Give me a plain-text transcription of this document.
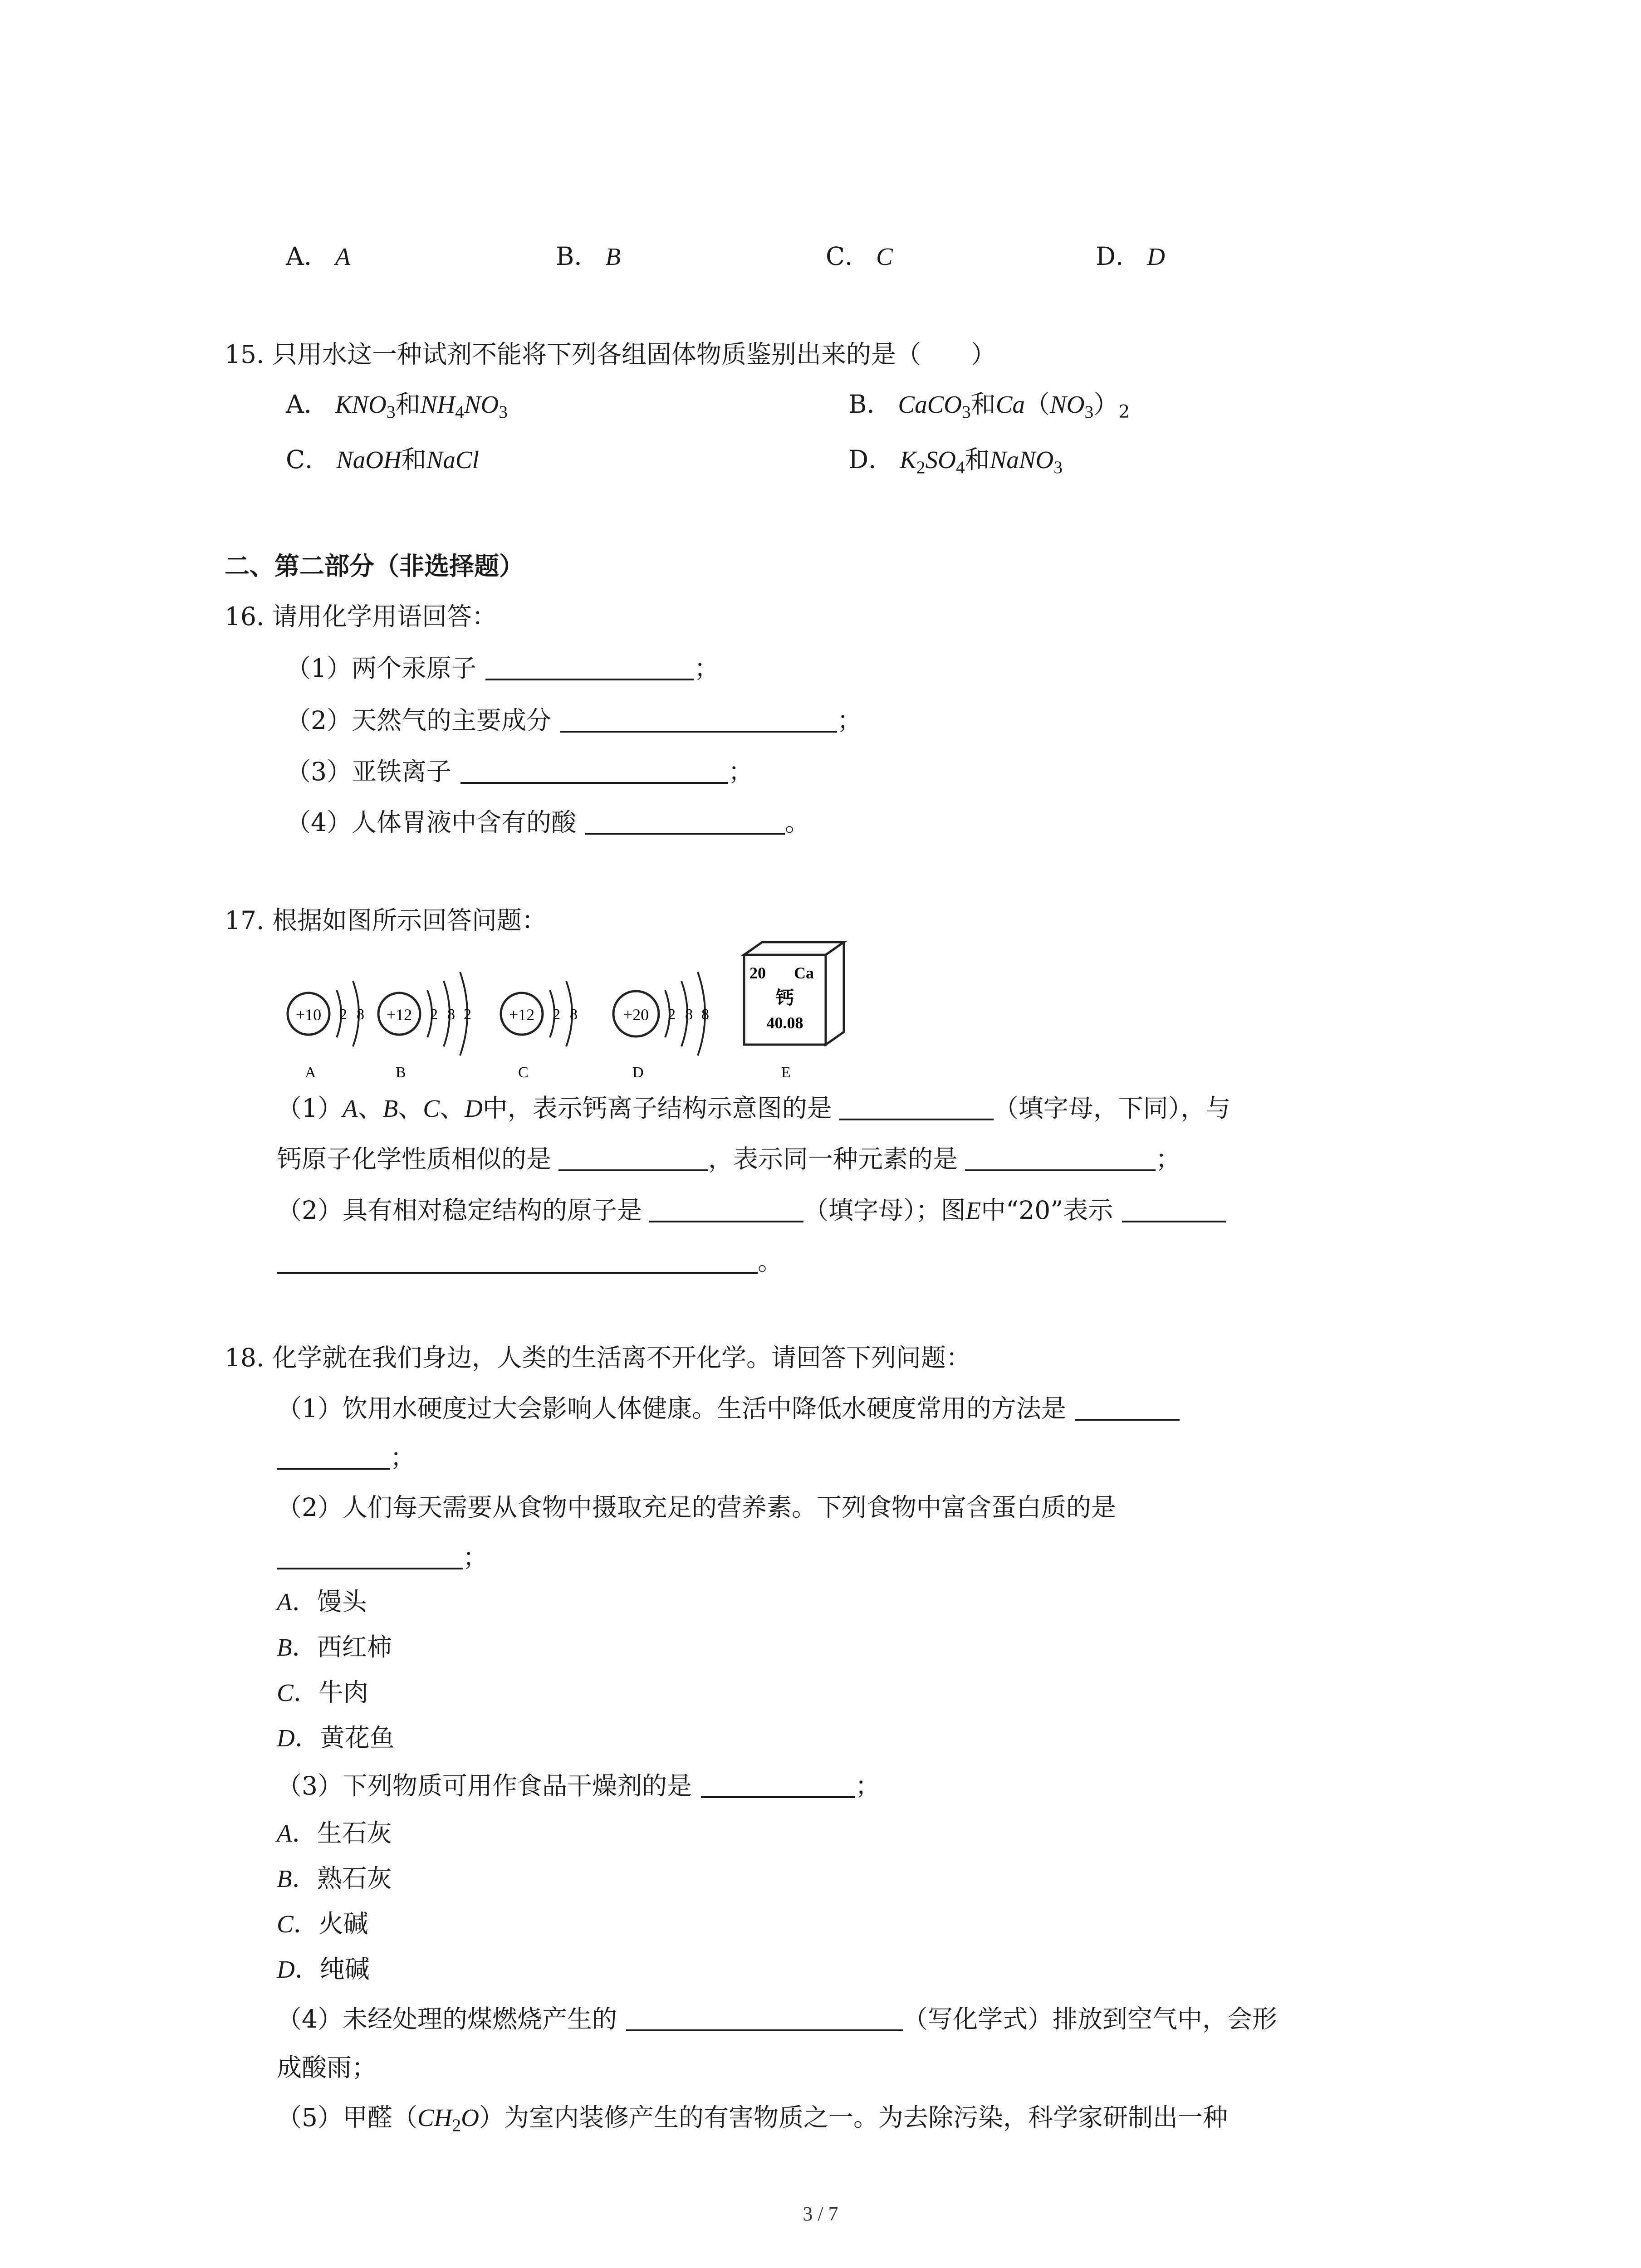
A． A	B． B	C． C	D． D
15. 只用水这一种试剂不能将下列各组固体物质鉴别出来的是（　　）
A． $KNO_3$和$NH_4NO_3$	B． CaCO$_3$和$Ca(NO_3)_2$
C． NaOH和NaCl	D． $K_2SO_4$和NaNO$_3$
二、第二部分（非选择题）
16. 请用化学用语回答：
（1）两个汞原子	；
（2）天然气的主要成分	；
（3）亚铁离子	；
（4）人体胃液中含有的酸	。
17. 根据如图所示回答问题：
+10 2 8
A
+12 2 8 2
B
+12 2 8
C
+20 2 8 8
D
20 Ca
钙
40.08
E
（1）A、B、C、D中，表示钙离子结构示意图的是	（填字母，下同），与
钙原子化学性质相似的是	，表示同一种元素的是	；
（2）具有相对稳定结构的原子是	（填字母）；图E中“20”表示
。
18. 化学就在我们身边，人类的生活离不开化学。请回答下列问题：
（1）饮用水硬度过大会影响人体健康。生活中降低水硬度常用的方法是
；
（2）人们每天需要从食物中摄取充足的营养素。下列食物中富含蛋白质的是
；
A．馒头
B．西红柿
C．牛肉
D．黄花鱼
（3）下列物质可用作食品干燥剂的是	；
A．生石灰
B．熟石灰
C．火碱
D．纯碱
（4）未经处理的煤燃烧产生的	（写化学式）排放到空气中，会形
成酸雨；
（5）甲醛$(CH_2O)$为室内装修产生的有害物质之一。为去除污染，科学家研制出一种
3 / 7
